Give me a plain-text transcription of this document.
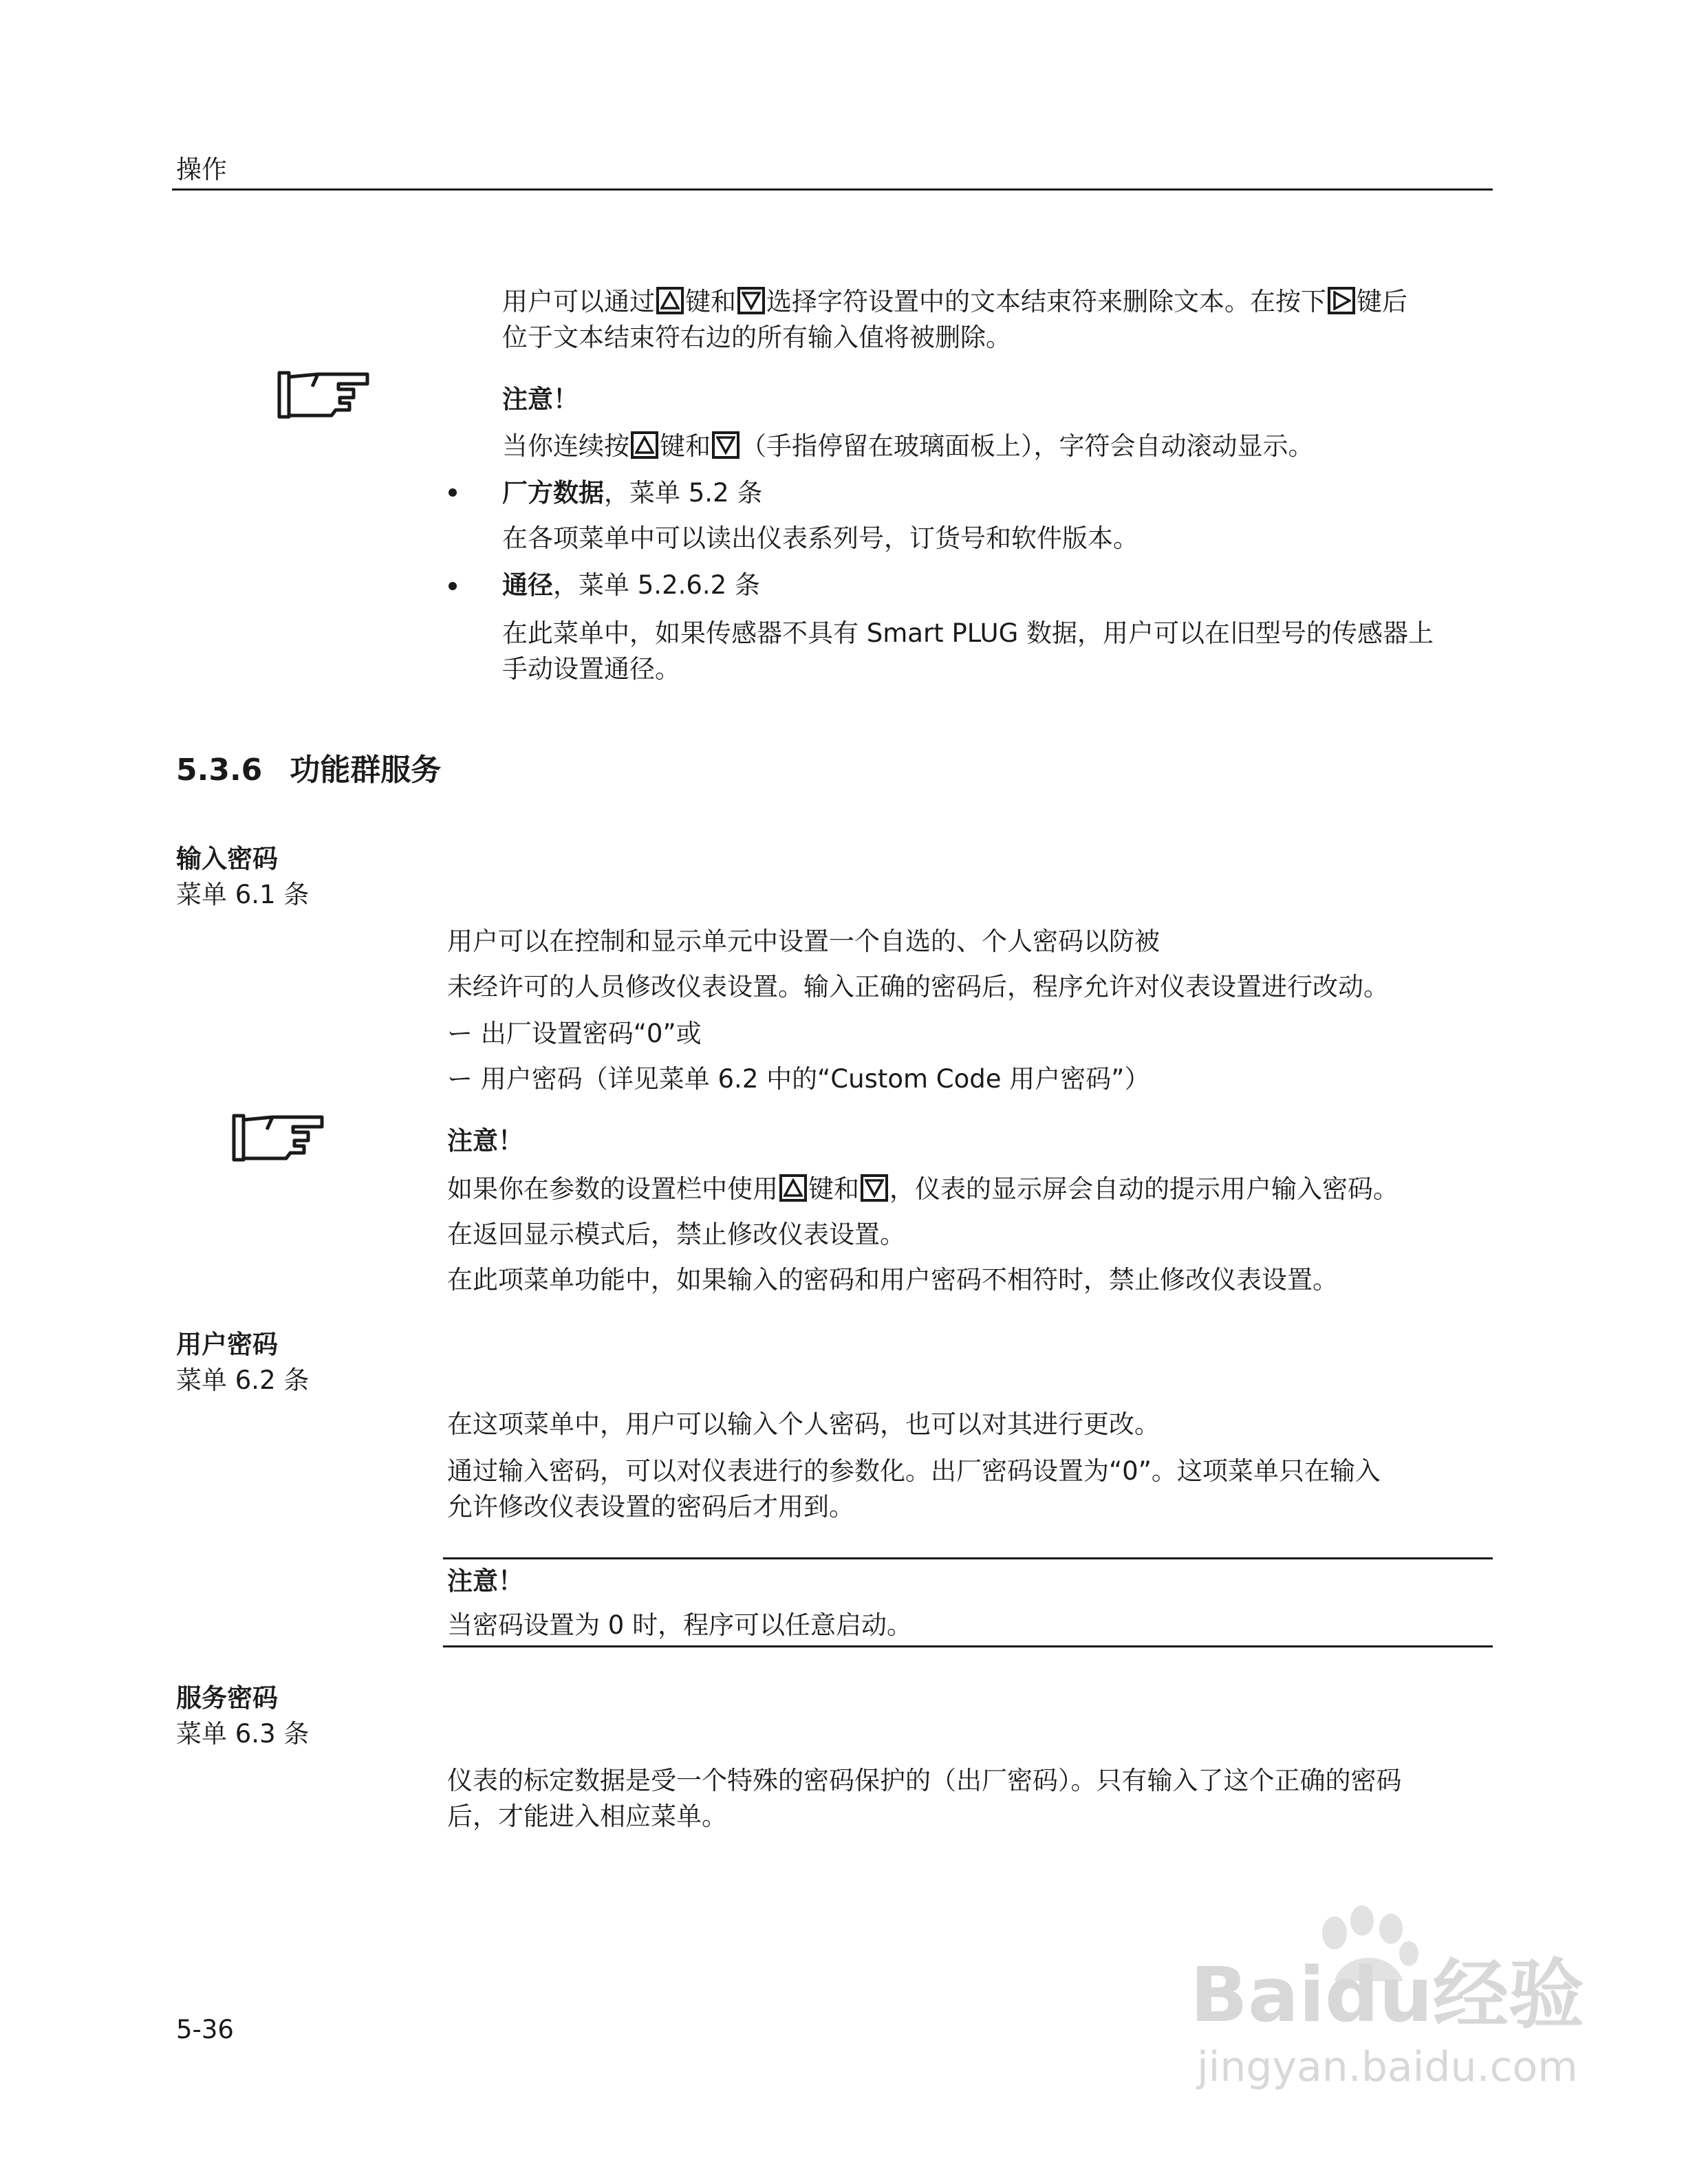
操作
用户可以通过 键和 选择字符设置中的文本结束符来删除文本。在按下 键后
位于文本结束符右边的所有输入值将被删除。
注意！
当你连续按 键和 （手指停留在玻璃面板上），字符会自动滚动显示。
厂方数据，菜单 5.2 条
在各项菜单中可以读出仪表系列号，订货号和软件版本。
通径，菜单 5.2.6.2 条
在此菜单中，如果传感器不具有 Smart PLUG 数据，用户可以在旧型号的传感器上
手动设置通径。
5.3.6 功能群服务
输入密码
菜单 6.1 条
用户可以在控制和显示单元中设置一个自选的、个人密码以防被
未经许可的人员修改仪表设置。输入正确的密码后，程序允许对仪表设置进行改动。
ー 出厂设置密码“0”或
ー 用户密码（详见菜单 6.2 中的“Custom Code 用户密码”）
注意！
如果你在参数的设置栏中使用 键和 ，仪表的显示屏会自动的提示用户输入密码。
在返回显示模式后，禁止修改仪表设置。
在此项菜单功能中，如果输入的密码和用户密码不相符时，禁止修改仪表设置。
用户密码
菜单 6.2 条
在这项菜单中，用户可以输入个人密码，也可以对其进行更改。
通过输入密码，可以对仪表进行的参数化。出厂密码设置为“0”。这项菜单只在输入
允许修改仪表设置的密码后才用到。
注意！
当密码设置为 0 时，程序可以任意启动。
服务密码
菜单 6.3 条
仪表的标定数据是受一个特殊的密码保护的（出厂密码）。只有输入了这个正确的密码
后，才能进入相应菜单。
5-36	Baidu经验
jingyan.baidu.com
